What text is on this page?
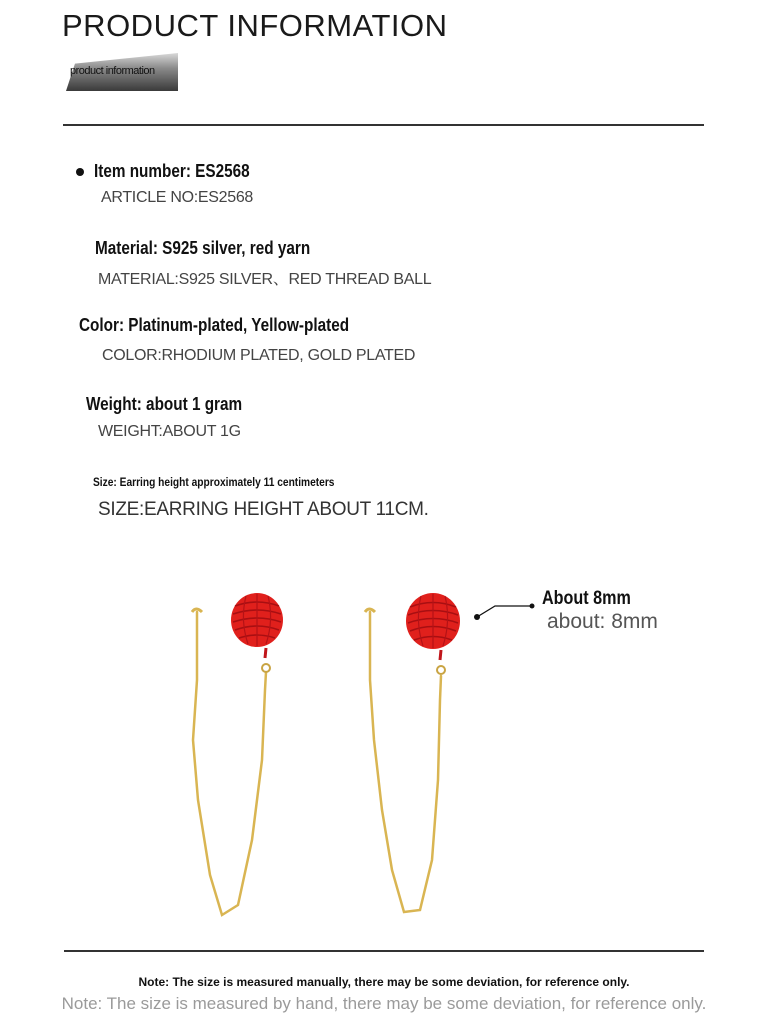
PRODUCT INFORMATION
product information
Item number: ES2568
ARTICLE NO:ES2568
Material: S925 silver, red yarn
MATERIAL:S925 SILVER、RED THREAD BALL
Color: Platinum-plated, Yellow-plated
COLOR:RHODIUM PLATED, GOLD PLATED
Weight: about 1 gram
WEIGHT:ABOUT 1G
Size: Earring height approximately 11 centimeters
SIZE:EARRING HEIGHT ABOUT 11CM.
About 8mm
about: 8mm
Note: The size is measured manually, there may be some deviation, for reference only.
Note: The size is measured by hand, there may be some deviation, for reference only.
